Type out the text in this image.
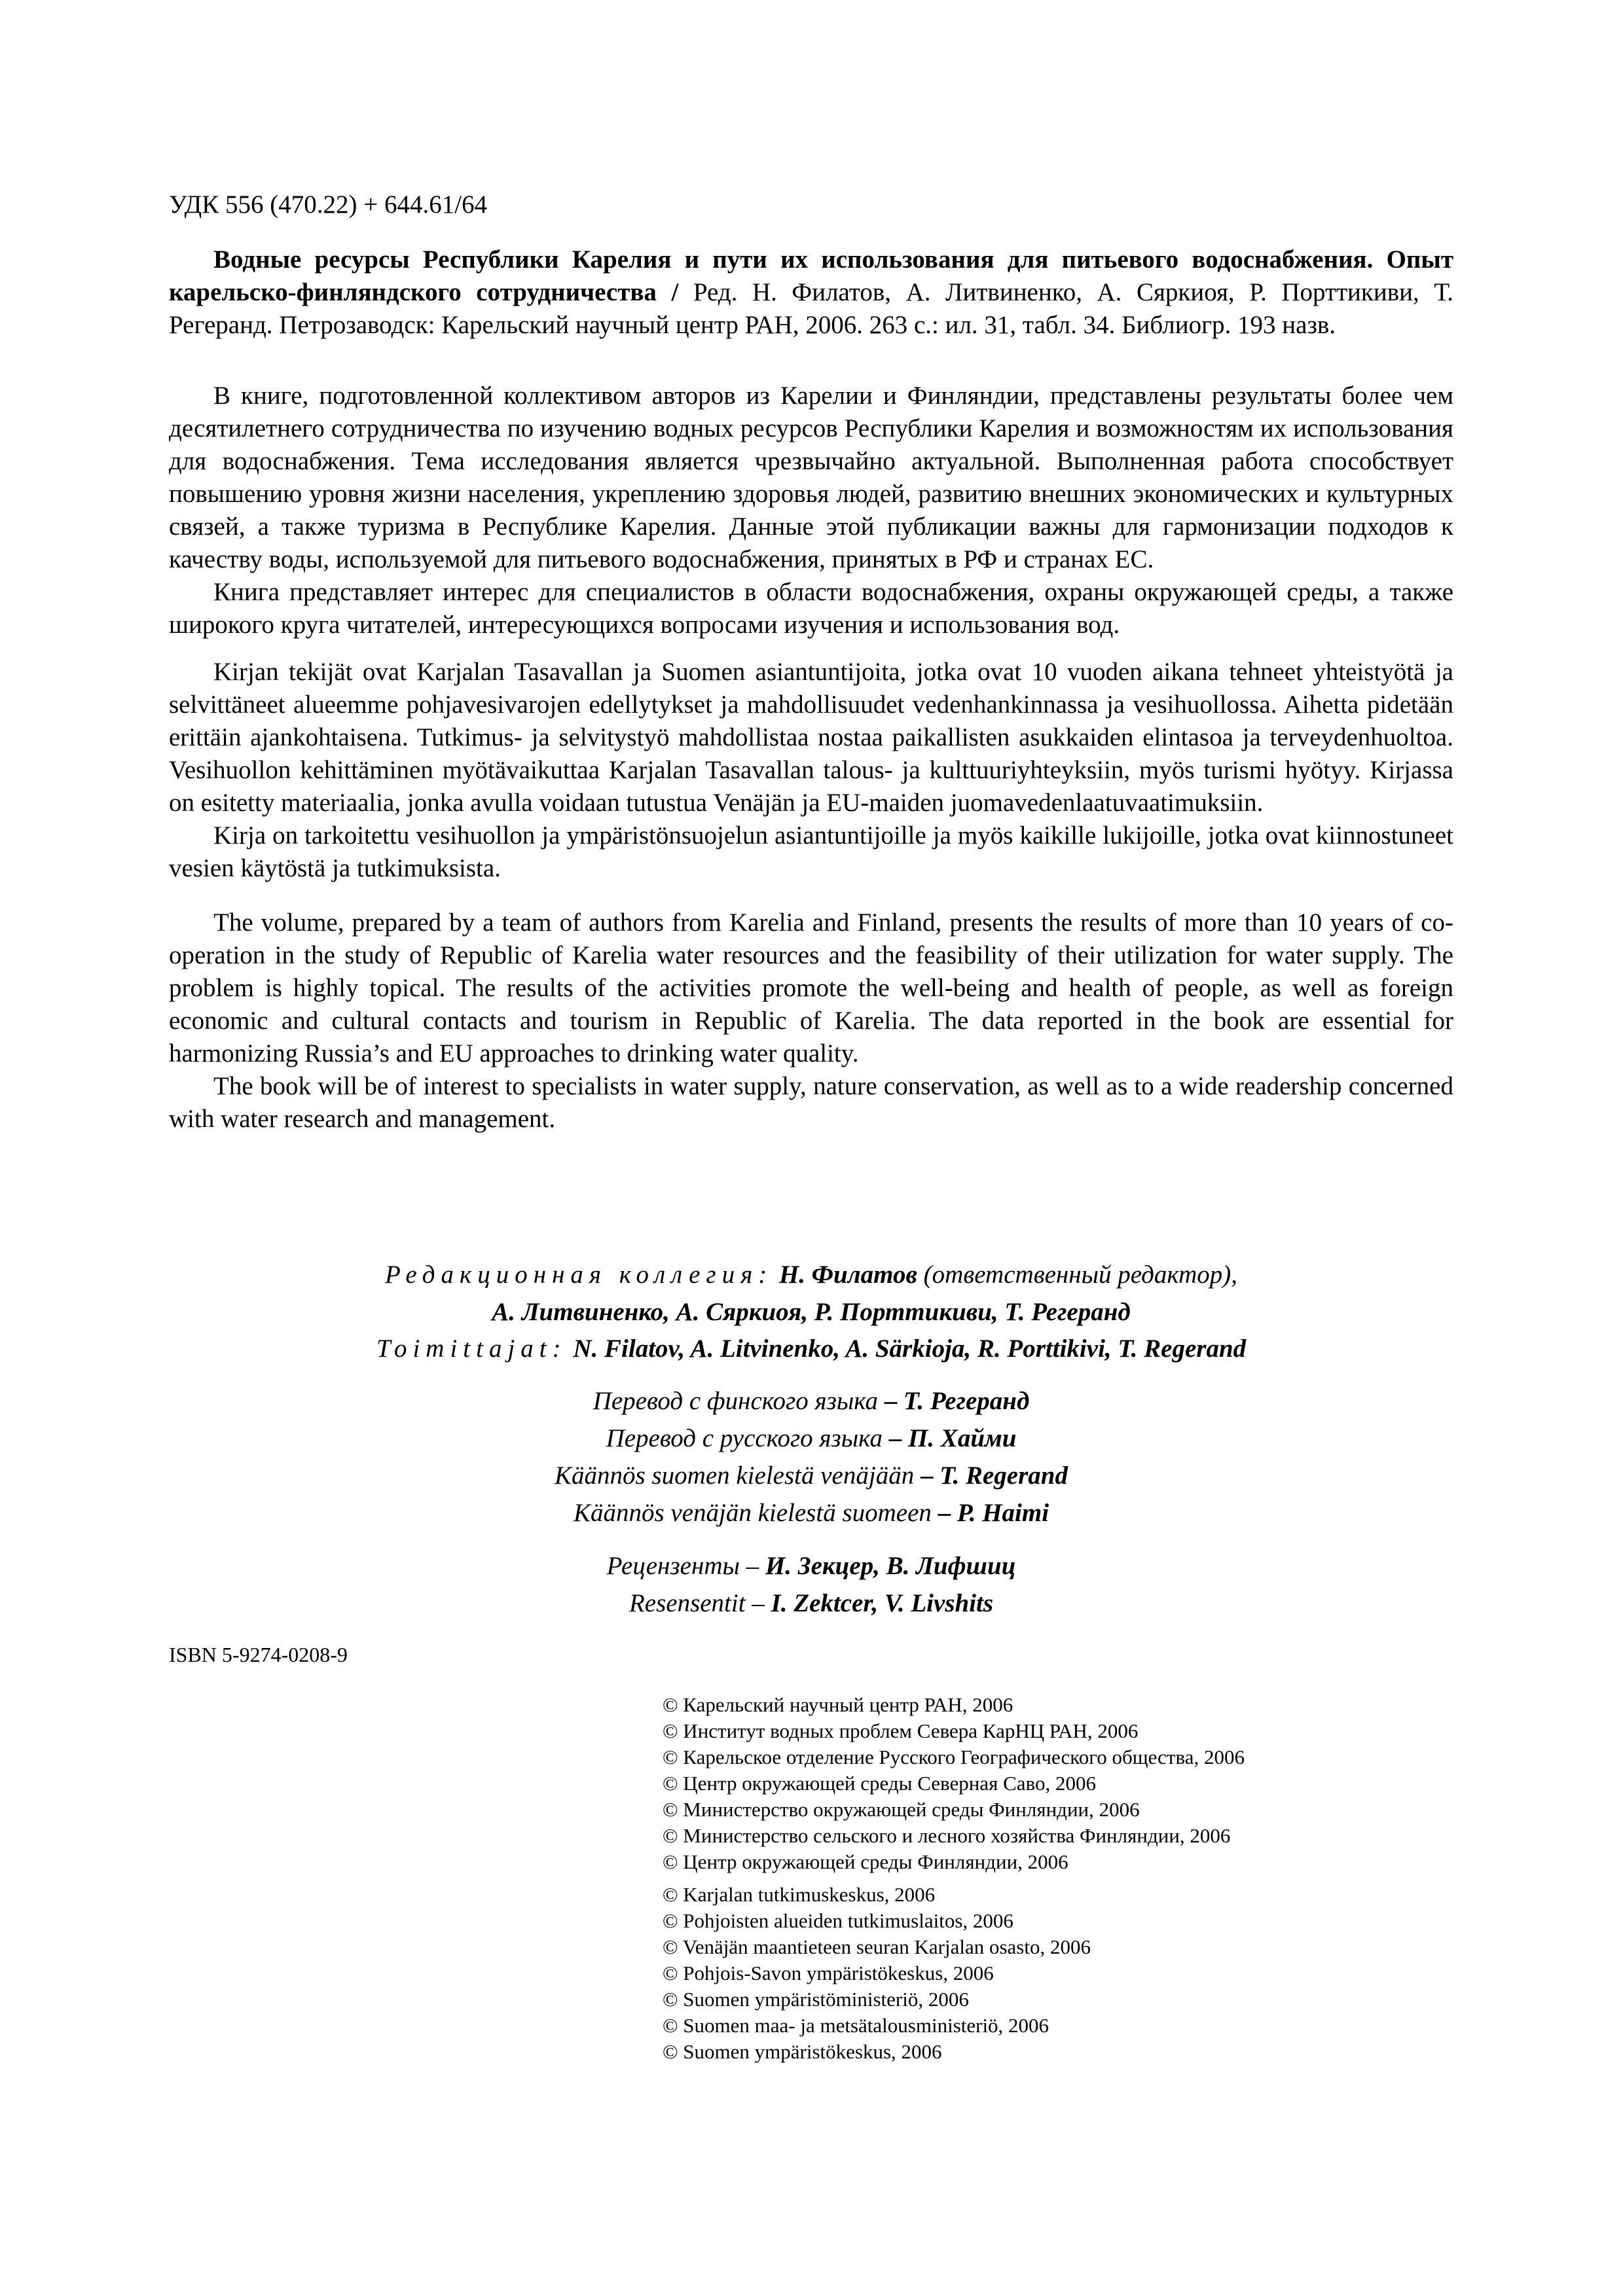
УДК 556 (470.22) + 644.61/64

Водные ресурсы Республики Карелия и пути их использования для питьевого водоснабжения. Опыт карельско-финляндского сотрудничества / Ред. Н. Филатов, А. Литвиненко, А. Сяркиоя, Р. Порттикиви, Т. Регеранд. Петрозаводск: Карельский научный центр РАН, 2006. 263 с.: ил. 31, табл. 34. Библиогр. 193 назв.

В книге, подготовленной коллективом авторов из Карелии и Финляндии, представлены результаты более чем десятилетнего сотрудничества по изучению водных ресурсов Республики Карелия и возможностям их использования для водоснабжения. Тема исследования является чрезвычайно актуальной. Выполненная работа способствует повышению уровня жизни населения, укреплению здоровья людей, развитию внешних экономических и культурных связей, а также туризма в Республике Карелия. Данные этой публикации важны для гармонизации подходов к качеству воды, используемой для питьевого водоснабжения, принятых в РФ и странах ЕС.

Книга представляет интерес для специалистов в области водоснабжения, охраны окружающей среды, а также широкого круга читателей, интересующихся вопросами изучения и использования вод.

Kirjan tekijät ovat Karjalan Tasavallan ja Suomen asiantuntijoita, jotka ovat 10 vuoden aikana tehneet yhteistyötä ja selvittäneet alueemme pohjavesivarojen edellytykset ja mahdollisuudet vedenhankinnassa ja vesihuollossa. Aihetta pidetään erittäin ajankohtaisena. Tutkimus- ja selvitystyö mahdollistaa nostaa paikallisten asukkaiden elintasoa ja terveydenhuoltoa. Vesihuollon kehittäminen myötävaikuttaa Karjalan Tasavallan talous- ja kulttuuriyhteyksiin, myös turismi hyötyy. Kirjassa on esitetty materiaalia, jonka avulla voidaan tutustua Venäjän ja EU-maiden juomavedenlaatuvaatimuksiin.

Kirja on tarkoitettu vesihuollon ja ympäristönsuojelun asiantuntijoille ja myös kaikille lukijoille, jotka ovat kiinnostuneet vesien käytöstä ja tutkimuksista.

The volume, prepared by a team of authors from Karelia and Finland, presents the results of more than 10 years of co-operation in the study of Republic of Karelia water resources and the feasibility of their utilization for water supply. The problem is highly topical. The results of the activities promote the well-being and health of people, as well as foreign economic and cultural contacts and tourism in Republic of Karelia. The data reported in the book are essential for harmonizing Russia’s and EU approaches to drinking water quality.

The book will be of interest to specialists in water supply, nature conservation, as well as to a wide readership concerned with water research and management.

Редакционная коллегия: Н. Филатов (ответственный редактор),
А. Литвиненко, А. Сяркиоя, Р. Порттикиви, Т. Регеранд
Toimittajat: N. Filatov, A. Litvinenko, A. Särkioja, R. Porttikivi, T. Regerand
Перевод с финского языка – Т. Регеранд
Перевод с русского языка – П. Хайми
Käännös suomen kielestä venäjään – T. Regerand
Käännös venäjän kielestä suomeen – P. Haimi
Рецензенты – И. Зекцер, В. Лифшиц
Resensentit – I. Zektcer, V. Livshits
ISBN 5-9274-0208-9
© Карельский научный центр РАН, 2006
© Институт водных проблем Севера КарНЦ РАН, 2006
© Карельское отделение Русского Географического общества, 2006
© Центр окружающей среды Северная Саво, 2006
© Министерство окружающей среды Финляндии, 2006
© Министерство сельского и лесного хозяйства Финляндии, 2006
© Центр окружающей среды Финляндии, 2006
© Karjalan tutkimuskeskus, 2006
© Pohjoisten alueiden tutkimuslaitos, 2006
© Venäjän maantieteen seuran Karjalan osasto, 2006
© Pohjois-Savon ympäristökeskus, 2006
© Suomen ympäristöministeriö, 2006
© Suomen maa- ja metsätalousministeriö, 2006
© Suomen ympäristökeskus, 2006
